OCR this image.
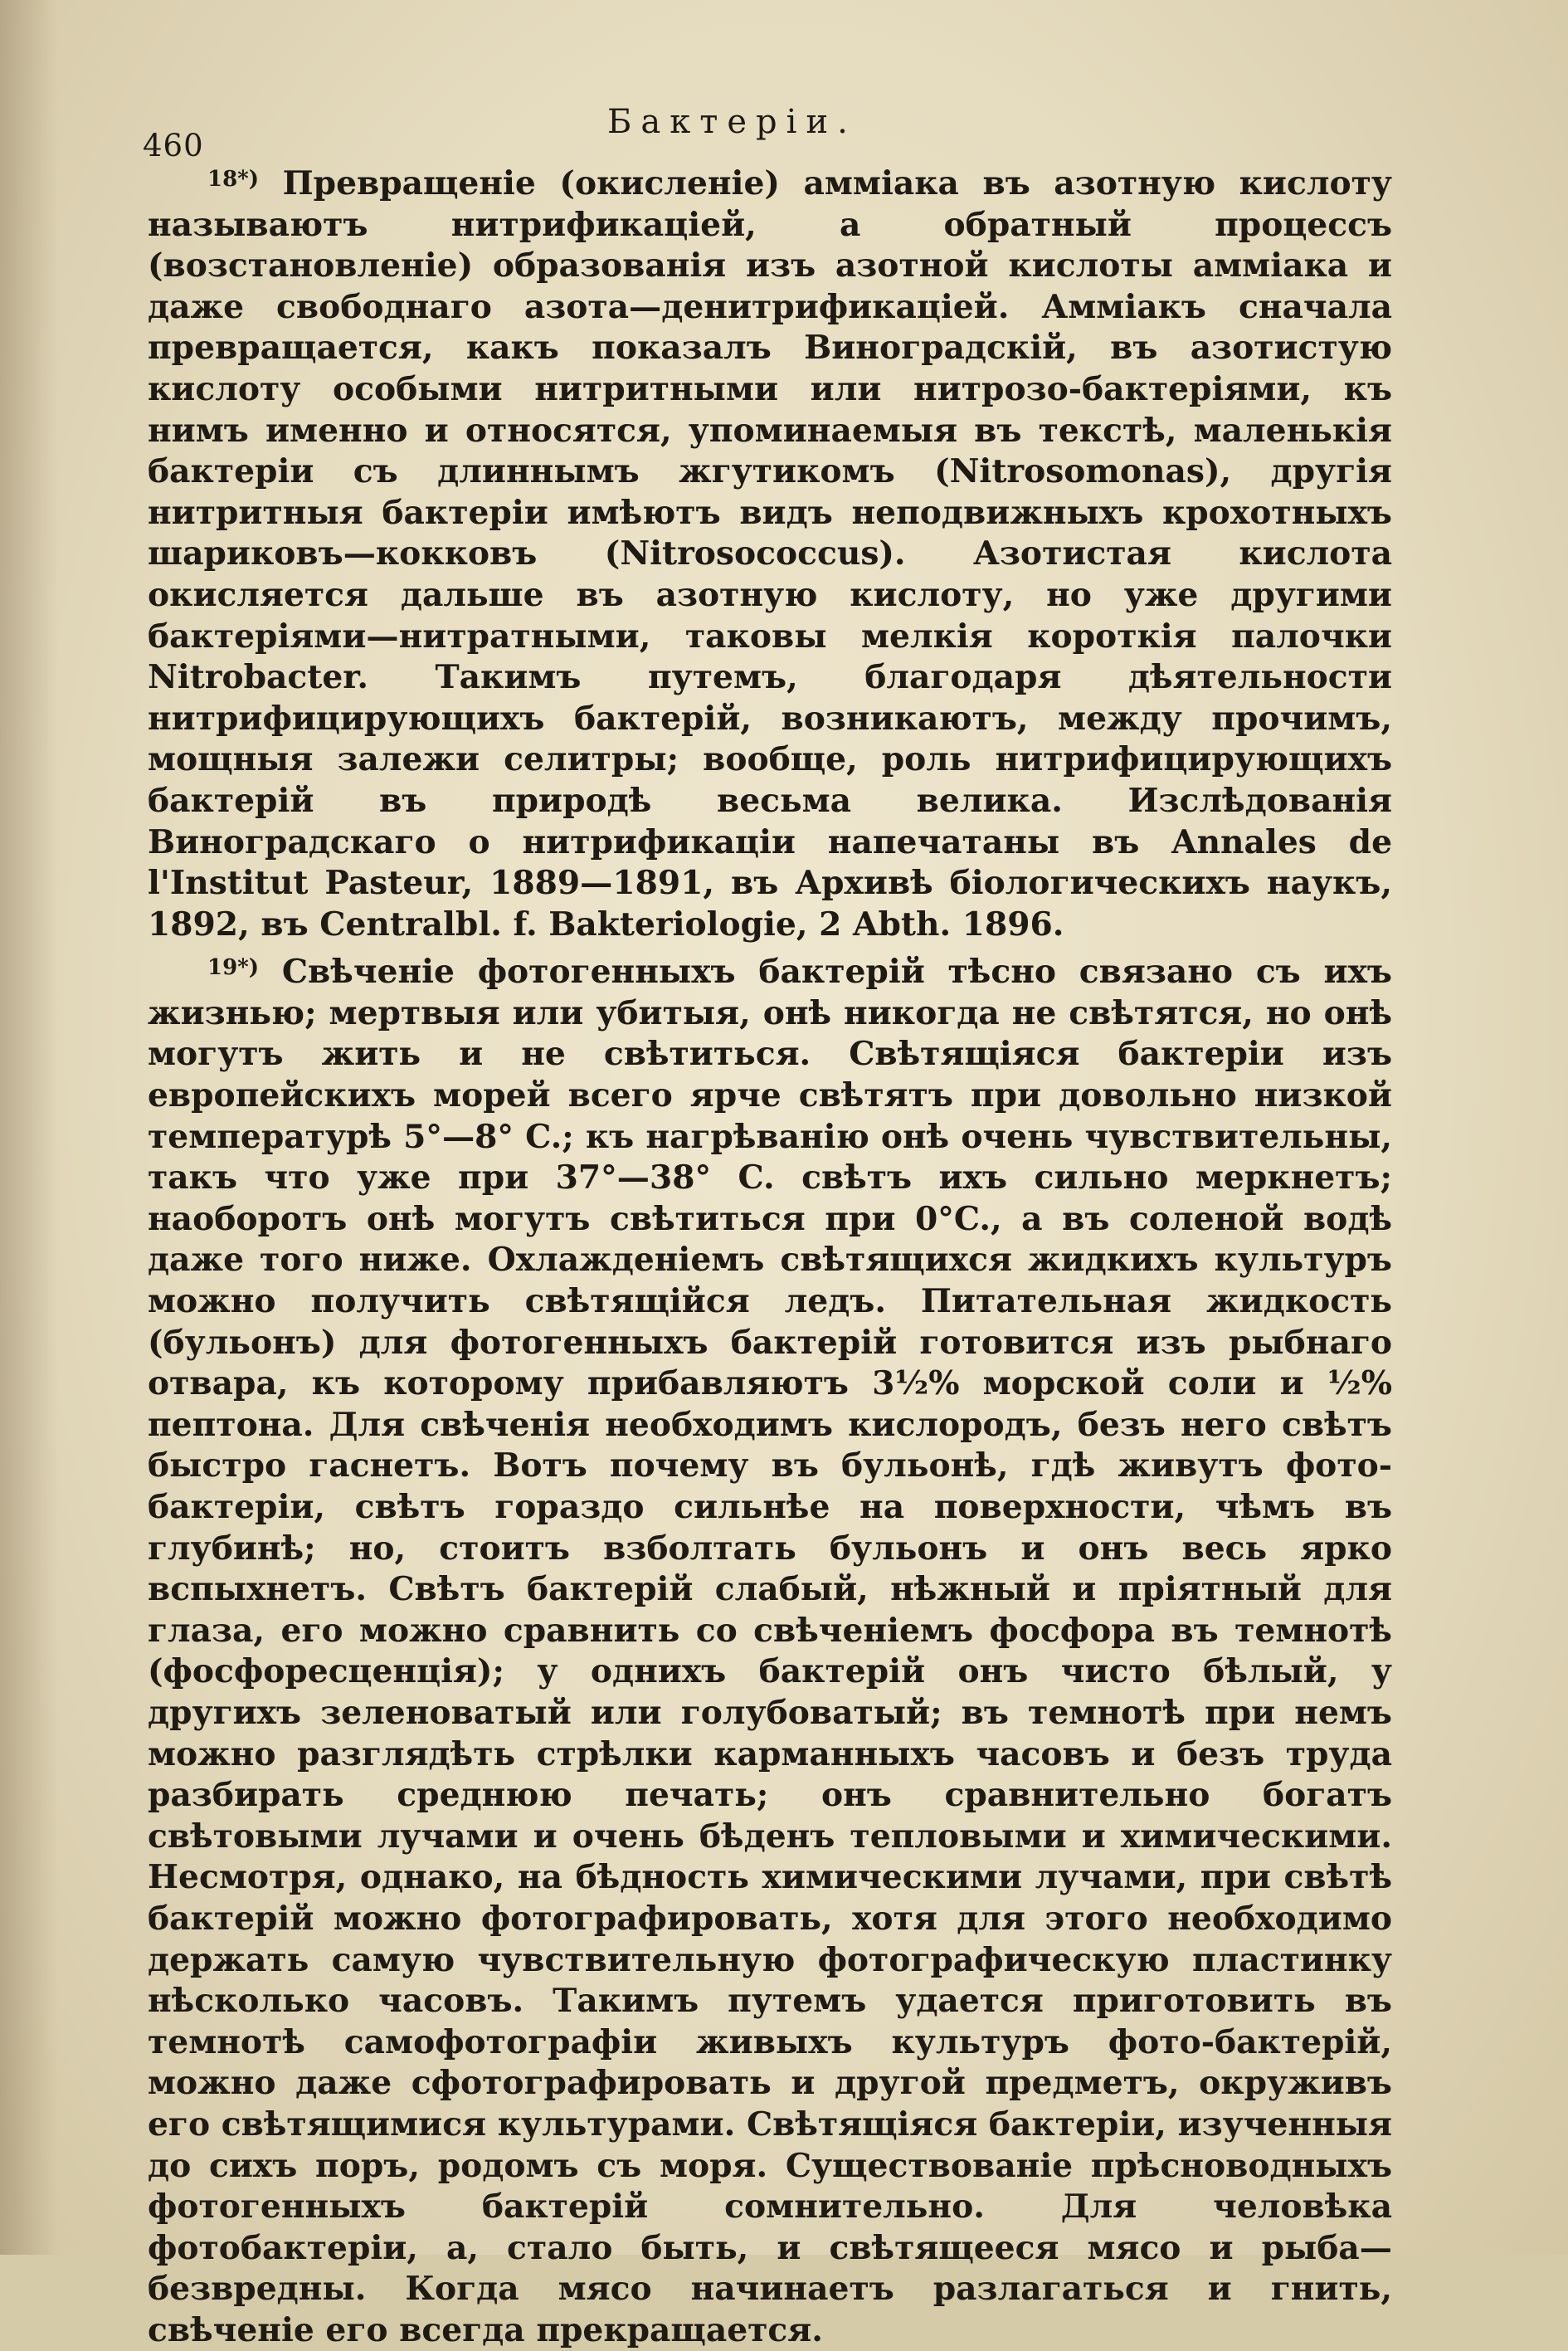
460
Бактеріи.

$^{18*)}$ Превращеніе (окисленіе) аммiака въ азотную кислоту называютъ нитрификаціей, а обратный процессъ (возстановленіе) образованія изъ азотной кислоты аммiака и даже свободнаго азота—денитрификаціей. Аммiакъ сначала превращается, какъ показалъ Виноградскій, въ азотистую кислоту особыми нитритными или нитрозо-бактеріями, къ нимъ именно и относятся, упоминаемыя въ текстѣ, маленькія бактеріи съ длиннымъ жгутикомъ (Nitrosomonas), другія нитритныя бактеріи имѣютъ видъ неподвижныхъ крохотныхъ шариковъ—кокковъ (Nitrosococcus). Азотистая кислота окисляется дальше въ азотную кислоту, но уже другими бактеріями—нитратными, таковы мелкія короткія палочки Nitrobacter. Такимъ путемъ, благодаря дѣятельности нитрифицирующихъ бактерій, возникаютъ, между прочимъ, мощныя залежи селитры; вообще, роль нитрифицирующихъ бактерій въ природѣ весьма велика. Изслѣдованія Виноградскаго о нитрификаціи напечатаны въ Annales de l'Institut Pasteur, 1889—1891, въ Архивѣ біологическихъ наукъ, 1892, въ Centralbl. f. Bakteriologie, 2 Abth. 1896.

$^{19*)}$ Свѣченіе фотогенныхъ бактерій тѣсно связано съ ихъ жизнью; мертвыя или убитыя, онѣ никогда не свѣтятся, но онѣ могутъ жить и не свѣтиться. Свѣтящіяся бактеріи изъ европейскихъ морей всего ярче свѣтятъ при довольно низкой температурѣ 5°—8° C.; къ нагрѣванію онѣ очень чувствительны, такъ что уже при 37°—38° C. свѣтъ ихъ сильно меркнетъ; наоборотъ онѣ могутъ свѣтиться при 0°C., а въ соленой водѣ даже того ниже. Охлажденіемъ свѣтящихся жидкихъ культуръ можно получить свѣтящійся ледъ. Питательная жидкость (бульонъ) для фотогенныхъ бактерій готовится изъ рыбнаго отвара, къ которому прибавляютъ 3½% морской соли и ½% пептона. Для свѣченія необходимъ кислородъ, безъ него свѣтъ быстро гаснетъ. Вотъ почему въ бульонѣ, гдѣ живутъ фото-бактеріи, свѣтъ гораздо сильнѣе на поверхности, чѣмъ въ глубинѣ; но, стоитъ взболтать бульонъ и онъ весь ярко вспыхнетъ. Свѣтъ бактерій слабый, нѣжный и пріятный для глаза, его можно сравнить со свѣченіемъ фосфора въ темнотѣ (фосфоресценція); у однихъ бактерій онъ чисто бѣлый, у другихъ зеленоватый или голубоватый; въ темнотѣ при немъ можно разглядѣть стрѣлки карманныхъ часовъ и безъ труда разбирать среднюю печать; онъ сравнительно богатъ свѣтовыми лучами и очень бѣденъ тепловыми и химическими. Несмотря, однако, на бѣдность химическими лучами, при свѣтѣ бактерій можно фотографировать, хотя для этого необходимо держать самую чувствительную фотографическую пластинку нѣсколько часовъ. Такимъ путемъ удается приготовить въ темнотѣ самофотографіи живыхъ культуръ фото-бактерій, можно даже сфотографировать и другой предметъ, окруживъ его свѣтящимися культурами. Свѣтящіяся бактеріи, изученныя до сихъ поръ, родомъ съ моря. Существованіе прѣсноводныхъ фотогенныхъ бактерій сомнительно. Для человѣка фотобактеріи, а, стало быть, и свѣтящееся мясо и рыба—безвредны. Когда мясо начинаетъ разлагаться и гнить, свѣченіе его всегда прекращается.
